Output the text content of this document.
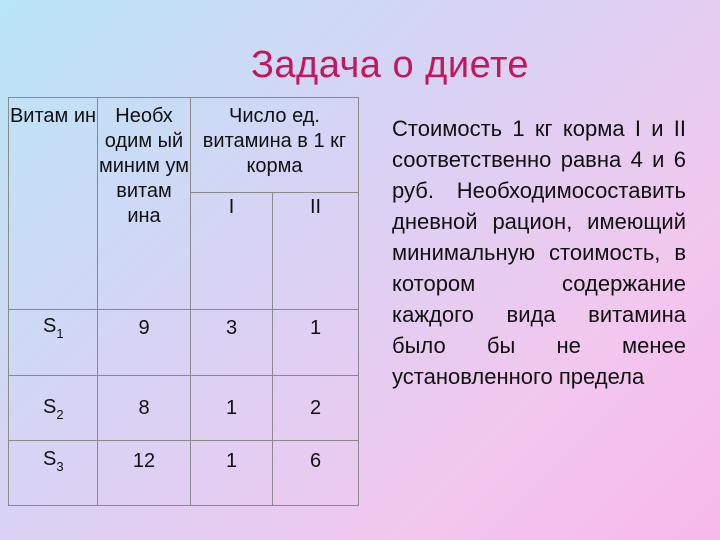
Задача о диете
Витам ин	Необх одим ый миним ум витам ина	Число ед. витамина в 1 кг корма	
		I	II
$S_1$	9	3	1
$S_2$	8	1	2
$S_3$	12	1	6

Стоимость 1 кг корма I и II соответственно равна 4 и 6 руб. Необходимосоставить дневной рацион, имеющий минимальную стоимость, в котором содержание каждого вида витамина было бы не менее установленного предела
